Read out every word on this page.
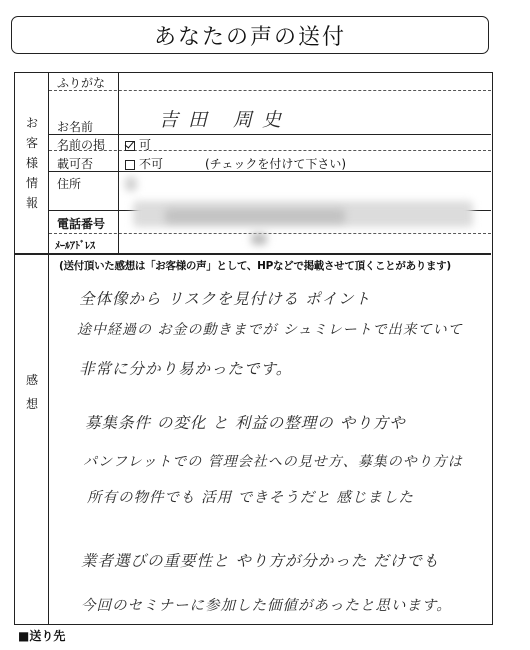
あなたの声の送付
お
客
様
情
報
ふりがな
お名前
名前の掲
載可否
住所
電話番号
ﾒｰﾙｱﾄﾞﾚｽ
吉田 周史
可
不可	(チェックを付けて下さい)
感
想
(送付頂いた感想は「お客様の声」として、HPなどで掲載させて頂くことがあります)
全体像から リスクを見付ける ポイント
途中経過の お金の動きまでが シュミレートで出来ていて
非常に分かり易かったです。
募集条件 の変化 と 利益の整理の やり方や
パンフレットでの 管理会社への見せ方、募集のやり方は
所有の物件でも 活用 できそうだと 感じました
業者選びの重要性と やり方が分かった だけでも
今回のセミナーに参加した価値があったと思います。
■送り先
